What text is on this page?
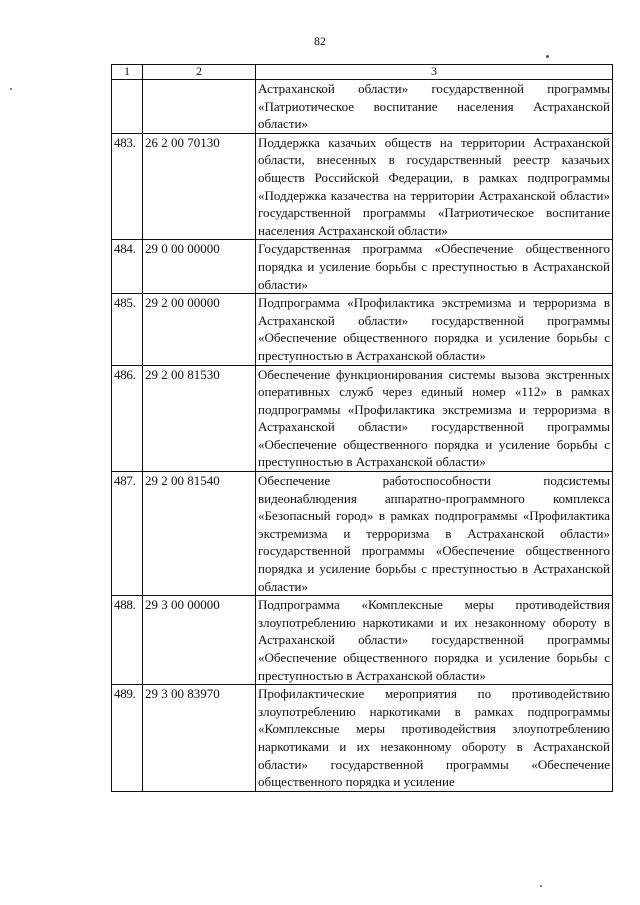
82
1	2	3
		Астраханской области» государственной программы «Патриотическое воспитание населения Астраханской области»
483.	26 2 00 70130	Поддержка казачьих обществ на территории Астраханской области, внесенных в государственный реестр казачьих обществ Российской Федерации, в рамках подпрограммы «Поддержка казачества на территории Астраханской области» государственной программы «Патриотическое воспитание населения Астраханской области»
484.	29 0 00 00000	Государственная программа «Обеспечение общественного порядка и усиление борьбы с преступностью в Астраханской области»
485.	29 2 00 00000	Подпрограмма «Профилактика экстремизма и терроризма в Астраханской области» государственной программы «Обеспечение общественного порядка и усиление борьбы с преступностью в Астраханской области»
486.	29 2 00 81530	Обеспечение функционирования системы вызова экстренных оперативных служб через единый номер «112» в рамках подпрограммы «Профилактика экстремизма и терроризма в Астраханской области» государственной программы «Обеспечение общественного порядка и усиление борьбы с преступностью в Астраханской области»
487.	29 2 00 81540	Обеспечение работоспособности подсистемы видеонаблюдения аппаратно-программного комплекса «Безопасный город» в рамках подпрограммы «Профилактика экстремизма и терроризма в Астраханской области» государственной программы «Обеспечение общественного порядка и усиление борьбы с преступностью в Астраханской области»
488.	29 3 00 00000	Подпрограмма «Комплексные меры противодействия злоупотреблению наркотиками и их незаконному обороту в Астраханской области» государственной программы «Обеспечение общественного порядка и усиление борьбы с преступностью в Астраханской области»
489.	29 3 00 83970	Профилактические мероприятия по противодействию злоупотреблению наркотиками в рамках подпрограммы «Комплексные меры противодействия злоупотреблению наркотиками и их незаконному обороту в Астраханской области» государственной программы «Обеспечение общественного порядка и усиление
